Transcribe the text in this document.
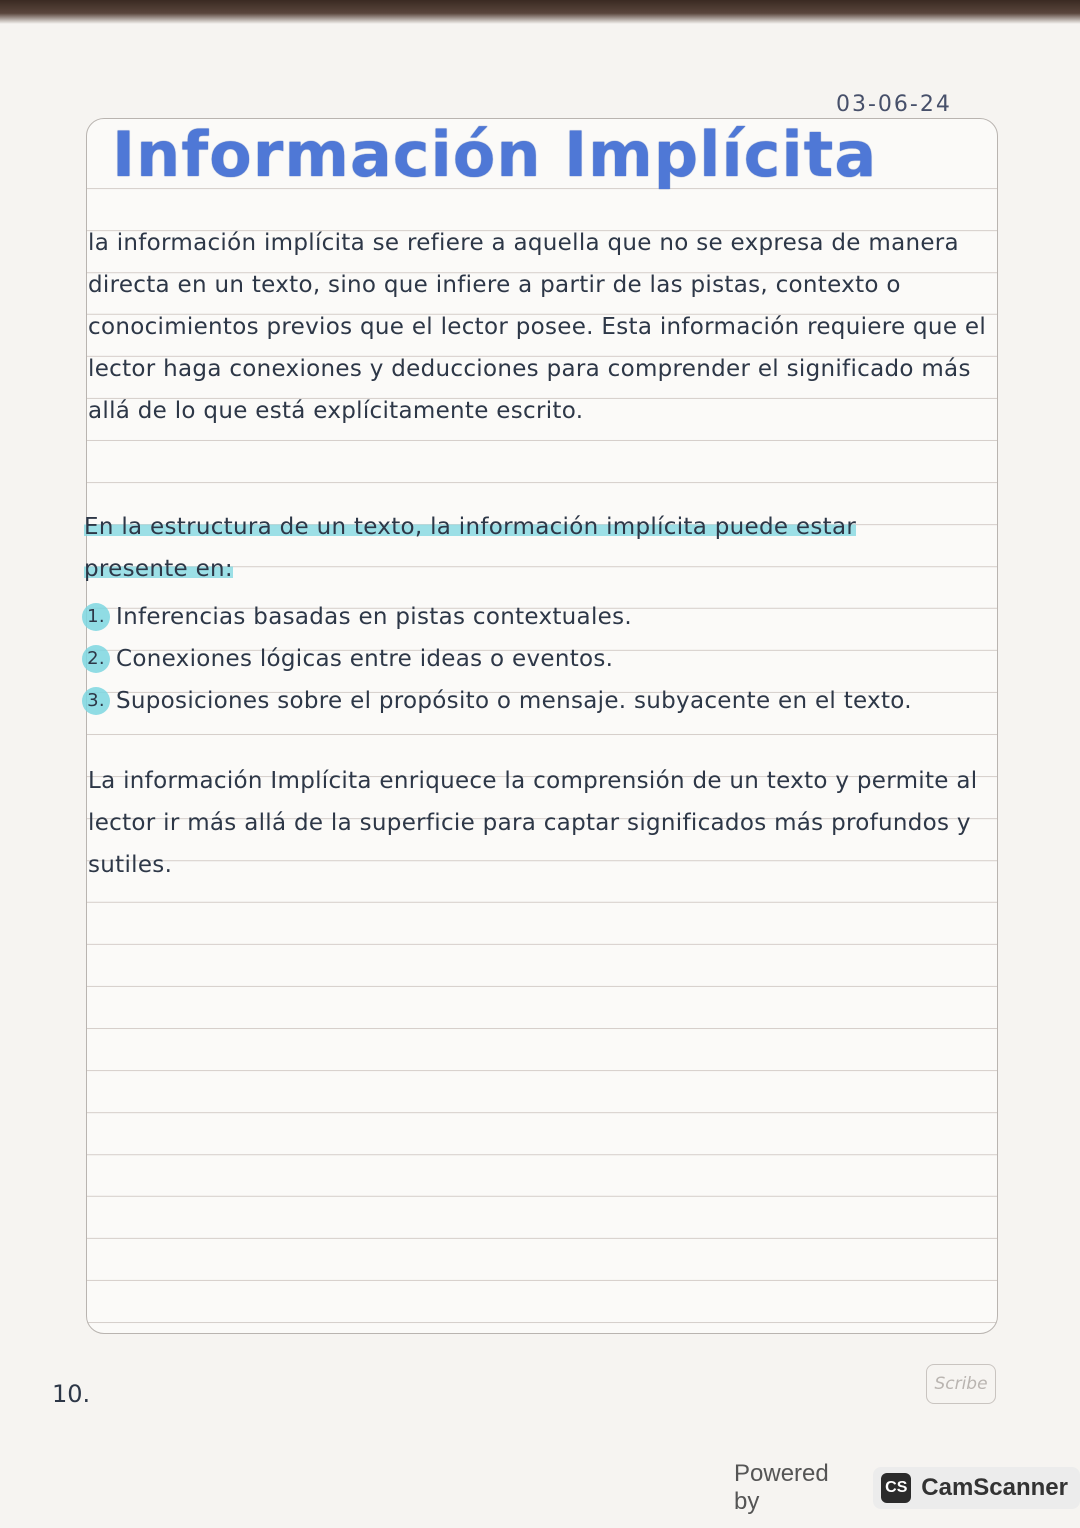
03-06-24
Información Implícita

la información implícita se refiere a aquella que no se expresa de manera directa en un texto, sino que infiere a partir de las pistas, contexto o conocimientos previos que el lector posee. Esta información requiere que el lector haga conexiones y deducciones para comprender el significado más allá de lo que está explícitamente escrito.

En la estructura de un texto, la información implícita puede estar presente en:

1. Inferencias basadas en pistas contextuales.
2. Conexiones lógicas entre ideas o eventos.
3. Suposiciones sobre el propósito o mensaje. subyacente en el texto.

La información Implícita enriquece la comprensión de un texto y permite al lector ir más allá de la superficie para captar significados más profundos y sutiles.

10.	Scribe
Powered by
CS CamScanner
